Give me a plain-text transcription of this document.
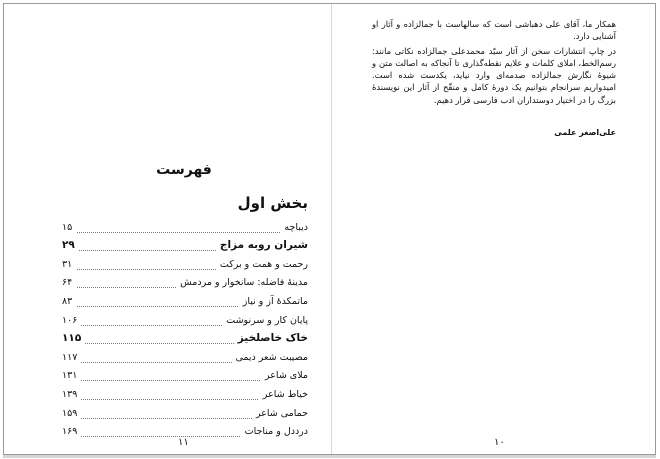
فهرست
بخش اول
دیباچه
۱۵
شیران روبه مزاج
۲۹
رحمت و همت و برکت
۳۱
مدینهٔ فاضله: سانخوار و مردمش
۶۴
ماتمکدهٔ آز و نیاز
۸۳
پایان کار و سرنوشت
۱۰۶
خاک خاصلخیز
۱۱۵
مصیبت شعر دیمی
۱۱۷
ملای شاعر
۱۳۱
خیاط شاعر
۱۳۹
حمامی شاعر
۱۵۹
درددل و مناجات
۱۶۹
۱۱

همکار ما، آقای علی دهباشی است که سالهاست با جمالزاده و آثار او آشنایی دارد.

در چاپ انتشارات سخن از آثار سیّد محمدعلی جمالزاده نکاتی مانند: رسم‌الخط، املای کلمات و علایم نقطه‌گذاری تا آنجاکه به اصالت متن و شیوهٔ نگارش جمالزاده صدمه‌ای وارد نیاید، یکدست شده است. امیدواریم سرانجام بتوانیم یک دورهٔ کامل و منقّح از آثار این نویسندهٔ بزرگ را در اختیار دوستداران ادب فارسی قرار دهیم.

علی‌اصغر علمی
۱۰
